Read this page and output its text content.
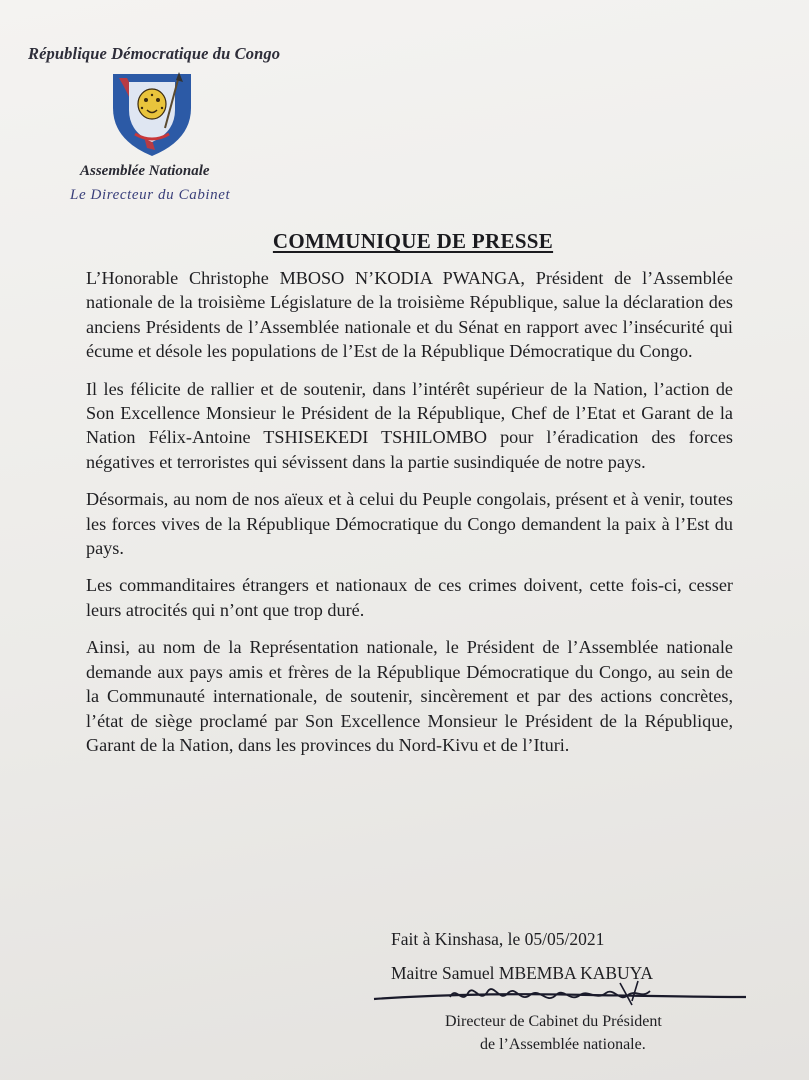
République Démocratique du Congo
Assemblée Nationale
Le Directeur du Cabinet
COMMUNIQUE DE PRESSE

L’Honorable Christophe MBOSO N’KODIA PWANGA, Président de l’Assemblée nationale de la troisième Législature de la troisième République, salue la déclaration des anciens Présidents de l’Assemblée nationale et du Sénat en rapport avec l’insécurité qui écume et désole les populations de l’Est de la République Démocratique du Congo.

Il les félicite de rallier et de soutenir, dans l’intérêt supérieur de la Nation, l’action de Son Excellence Monsieur le Président de la République, Chef de l’Etat et Garant de la Nation Félix-Antoine TSHISEKEDI TSHILOMBO pour l’éradication des forces négatives et terroristes qui sévissent dans la partie susindiquée de notre pays.

Désormais, au nom de nos aïeux et à celui du Peuple congolais, présent et à venir, toutes les forces vives de la République Démocratique du Congo demandent la paix à l’Est du pays.

Les commanditaires étrangers et nationaux de ces crimes doivent, cette fois-ci, cesser leurs atrocités qui n’ont que trop duré.

Ainsi, au nom de la Représentation nationale, le Président de l’Assemblée nationale demande aux pays amis et frères de la République Démocratique du Congo, au sein de la Communauté internationale, de soutenir, sincèrement et par des actions concrètes, l’état de siège proclamé par Son Excellence Monsieur le Président de la République, Garant de la Nation, dans les provinces du Nord-Kivu et de l’Ituri.

Fait à Kinshasa, le 05/05/2021
Maitre Samuel MBEMBA KABUYA
Directeur de Cabinet du Président
de l’Assemblée nationale.
